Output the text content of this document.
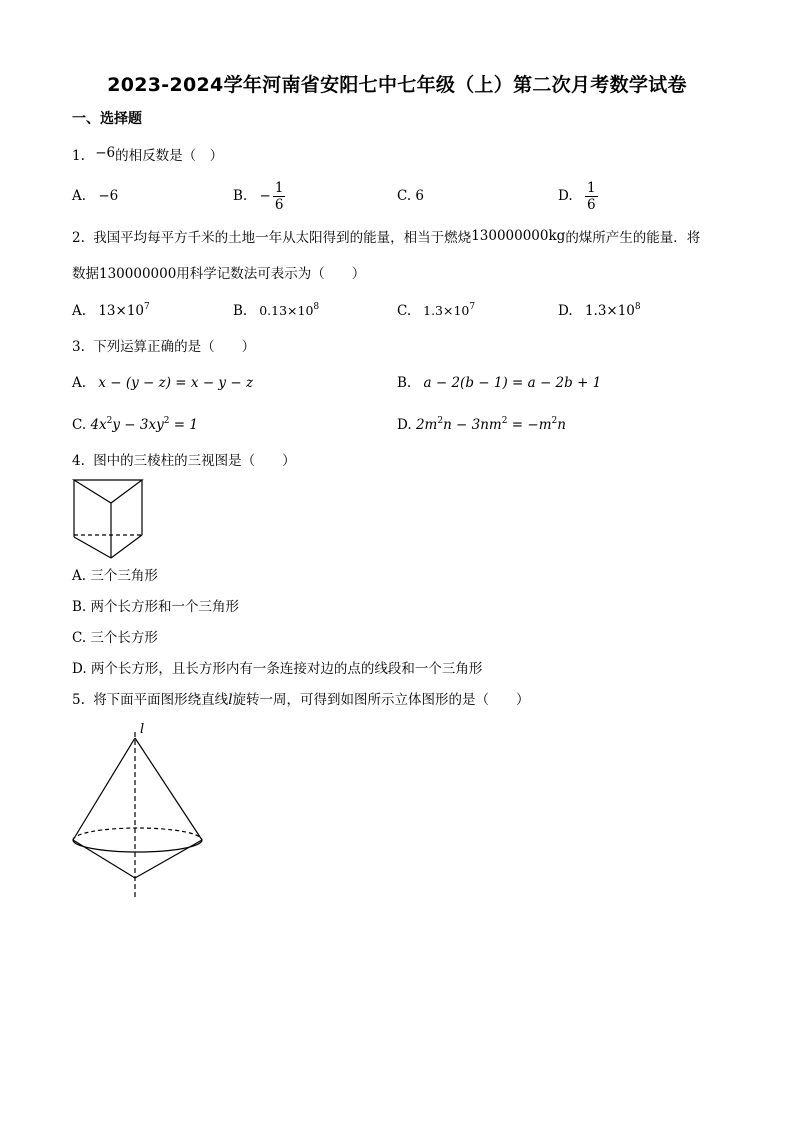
2023-2024学年河南省安阳七中七年级（上）第二次月考数学试卷
一、选择题
1. −6的相反数是（　）
A. −6	B. − $\frac{1}{6}$	C. 6	D. $\frac{1}{6}$
2. 我国平均每平方千米的土地一年从太阳得到的能量，相当于燃烧130000000kg的煤所产生的能量．将
数据130000000用科学记数法可表示为（　　）
A. $13\times 10^7$	B. $0.13\times 10^8$	C. $1.3\times 10^7$	D. $1.3\times 10^8$
3. 下列运算正确的是（　　）
A. x − (y − z) = x − y − z	B. a − 2(b − 1) = a − 2b + 1
C. $4x^2y - 3xy^2 = 1$	D. $2m^2n - 3nm^2 = -m^2n$
4. 图中的三棱柱的三视图是（　　）
A. 三个三角形
B. 两个长方形和一个三角形
C. 三个长方形
D. 两个长方形，且长方形内有一条连接对边的点的线段和一个三角形
5. 将下面平面图形绕直线l旋转一周，可得到如图所示立体图形的是（　　）
l
